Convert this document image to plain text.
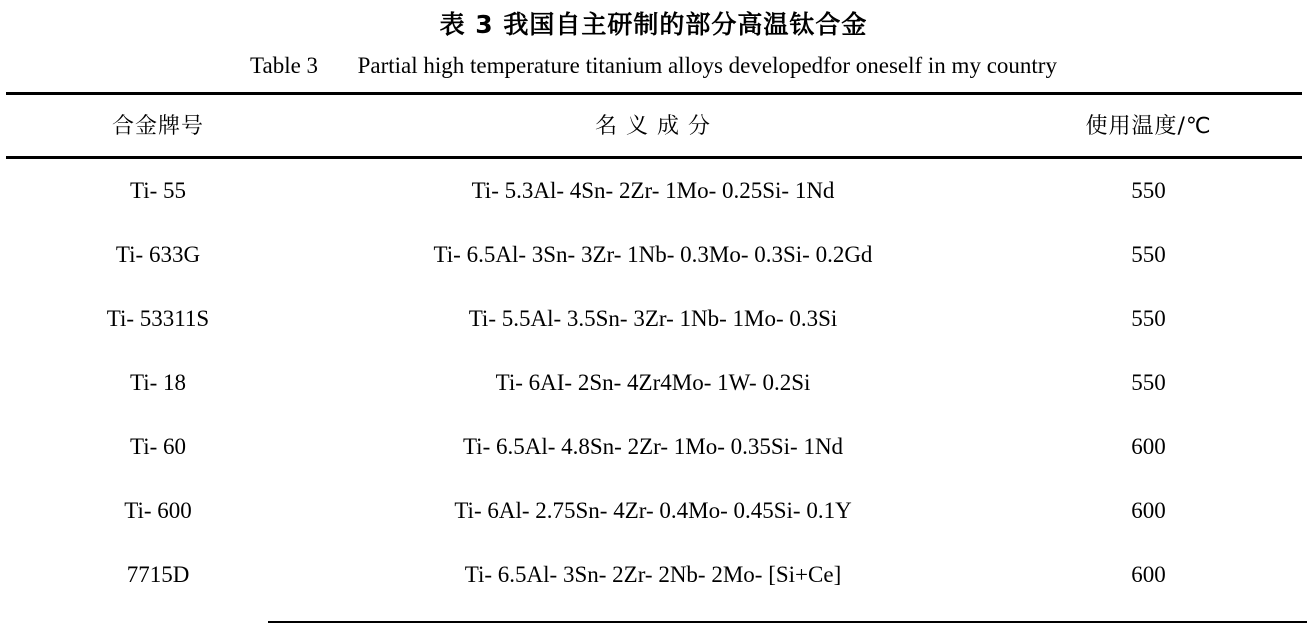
表 3 我国自主研制的部分高温钛合金
Table 3 Partial high temperature titanium alloys developedfor oneself in my country
合金牌号	名 义 成 分	使用温度/℃
Ti- 55	Ti- 5.3Al- 4Sn- 2Zr- 1Mo- 0.25Si- 1Nd	550
Ti- 633G	Ti- 6.5Al- 3Sn- 3Zr- 1Nb- 0.3Mo- 0.3Si- 0.2Gd	550
Ti- 53311S	Ti- 5.5Al- 3.5Sn- 3Zr- 1Nb- 1Mo- 0.3Si	550
Ti- 18	Ti- 6AI- 2Sn- 4Zr4Mo- 1W- 0.2Si	550
Ti- 60	Ti- 6.5Al- 4.8Sn- 2Zr- 1Mo- 0.35Si- 1Nd	600
Ti- 600	Ti- 6Al- 2.75Sn- 4Zr- 0.4Mo- 0.45Si- 0.1Y	600
7715D	Ti- 6.5Al- 3Sn- 2Zr- 2Nb- 2Mo- [Si+Ce]	600
